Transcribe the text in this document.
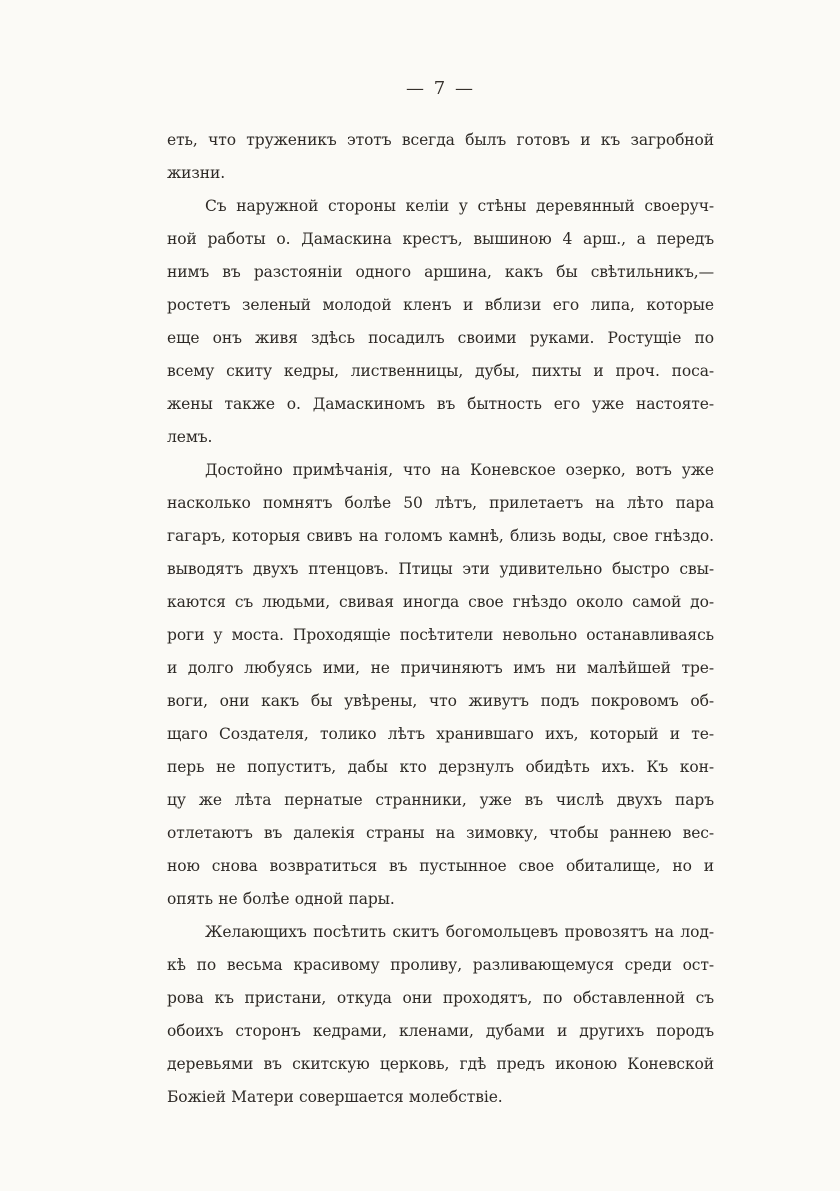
— 7 —
еть, что труженикъ этотъ всегда былъ готовъ и къ загробной
жизни.
Съ наружной стороны келіи у стѣны деревянный своеруч-
ной работы о. Дамаскина крестъ, вышиною 4 арш., а передъ
нимъ въ разстояніи одного аршина, какъ бы свѣтильникъ,—
ростетъ зеленый молодой кленъ и вблизи его липа, которые
еще онъ живя здѣсь посадилъ своими руками. Ростущіе по
всему скиту кедры, лиственницы, дубы, пихты и проч. поса-
жены также о. Дамаскиномъ въ бытность его уже настояте-
лемъ.
Достойно примѣчанія, что на Коневское озерко, вотъ уже
насколько помнятъ болѣе 50 лѣтъ, прилетаетъ на лѣто пара
гагаръ, которыя свивъ на голомъ камнѣ, близь воды, свое гнѣздо.
выводятъ двухъ птенцовъ. Птицы эти удивительно быстро свы-
каются съ людьми, свивая иногда свое гнѣздо около самой до-
роги у моста. Проходящіе посѣтители невольно останавливаясь
и долго любуясь ими, не причиняютъ имъ ни малѣйшей тре-
воги, они какъ бы увѣрены, что живутъ подъ покровомъ об-
щаго Создателя, толико лѣтъ хранившаго ихъ, который и те-
перь не попуститъ, дабы кто дерзнулъ обидѣть ихъ. Къ кон-
цу же лѣта пернатые странники, уже въ числѣ двухъ паръ
отлетаютъ въ далекія страны на зимовку, чтобы раннею вес-
ною снова возвратиться въ пустынное свое обиталище, но и
опять не болѣе одной пары.
Желающихъ посѣтить скитъ богомольцевъ провозятъ на лод-
кѣ по весьма красивому проливу, разливающемуся среди ост-
рова къ пристани, откуда они проходятъ, по обставленной съ
обоихъ сторонъ кедрами, кленами, дубами и другихъ породъ
деревьями въ скитскую церковь, гдѣ предъ иконою Коневской
Божіей Матери совершается молебствіе.
